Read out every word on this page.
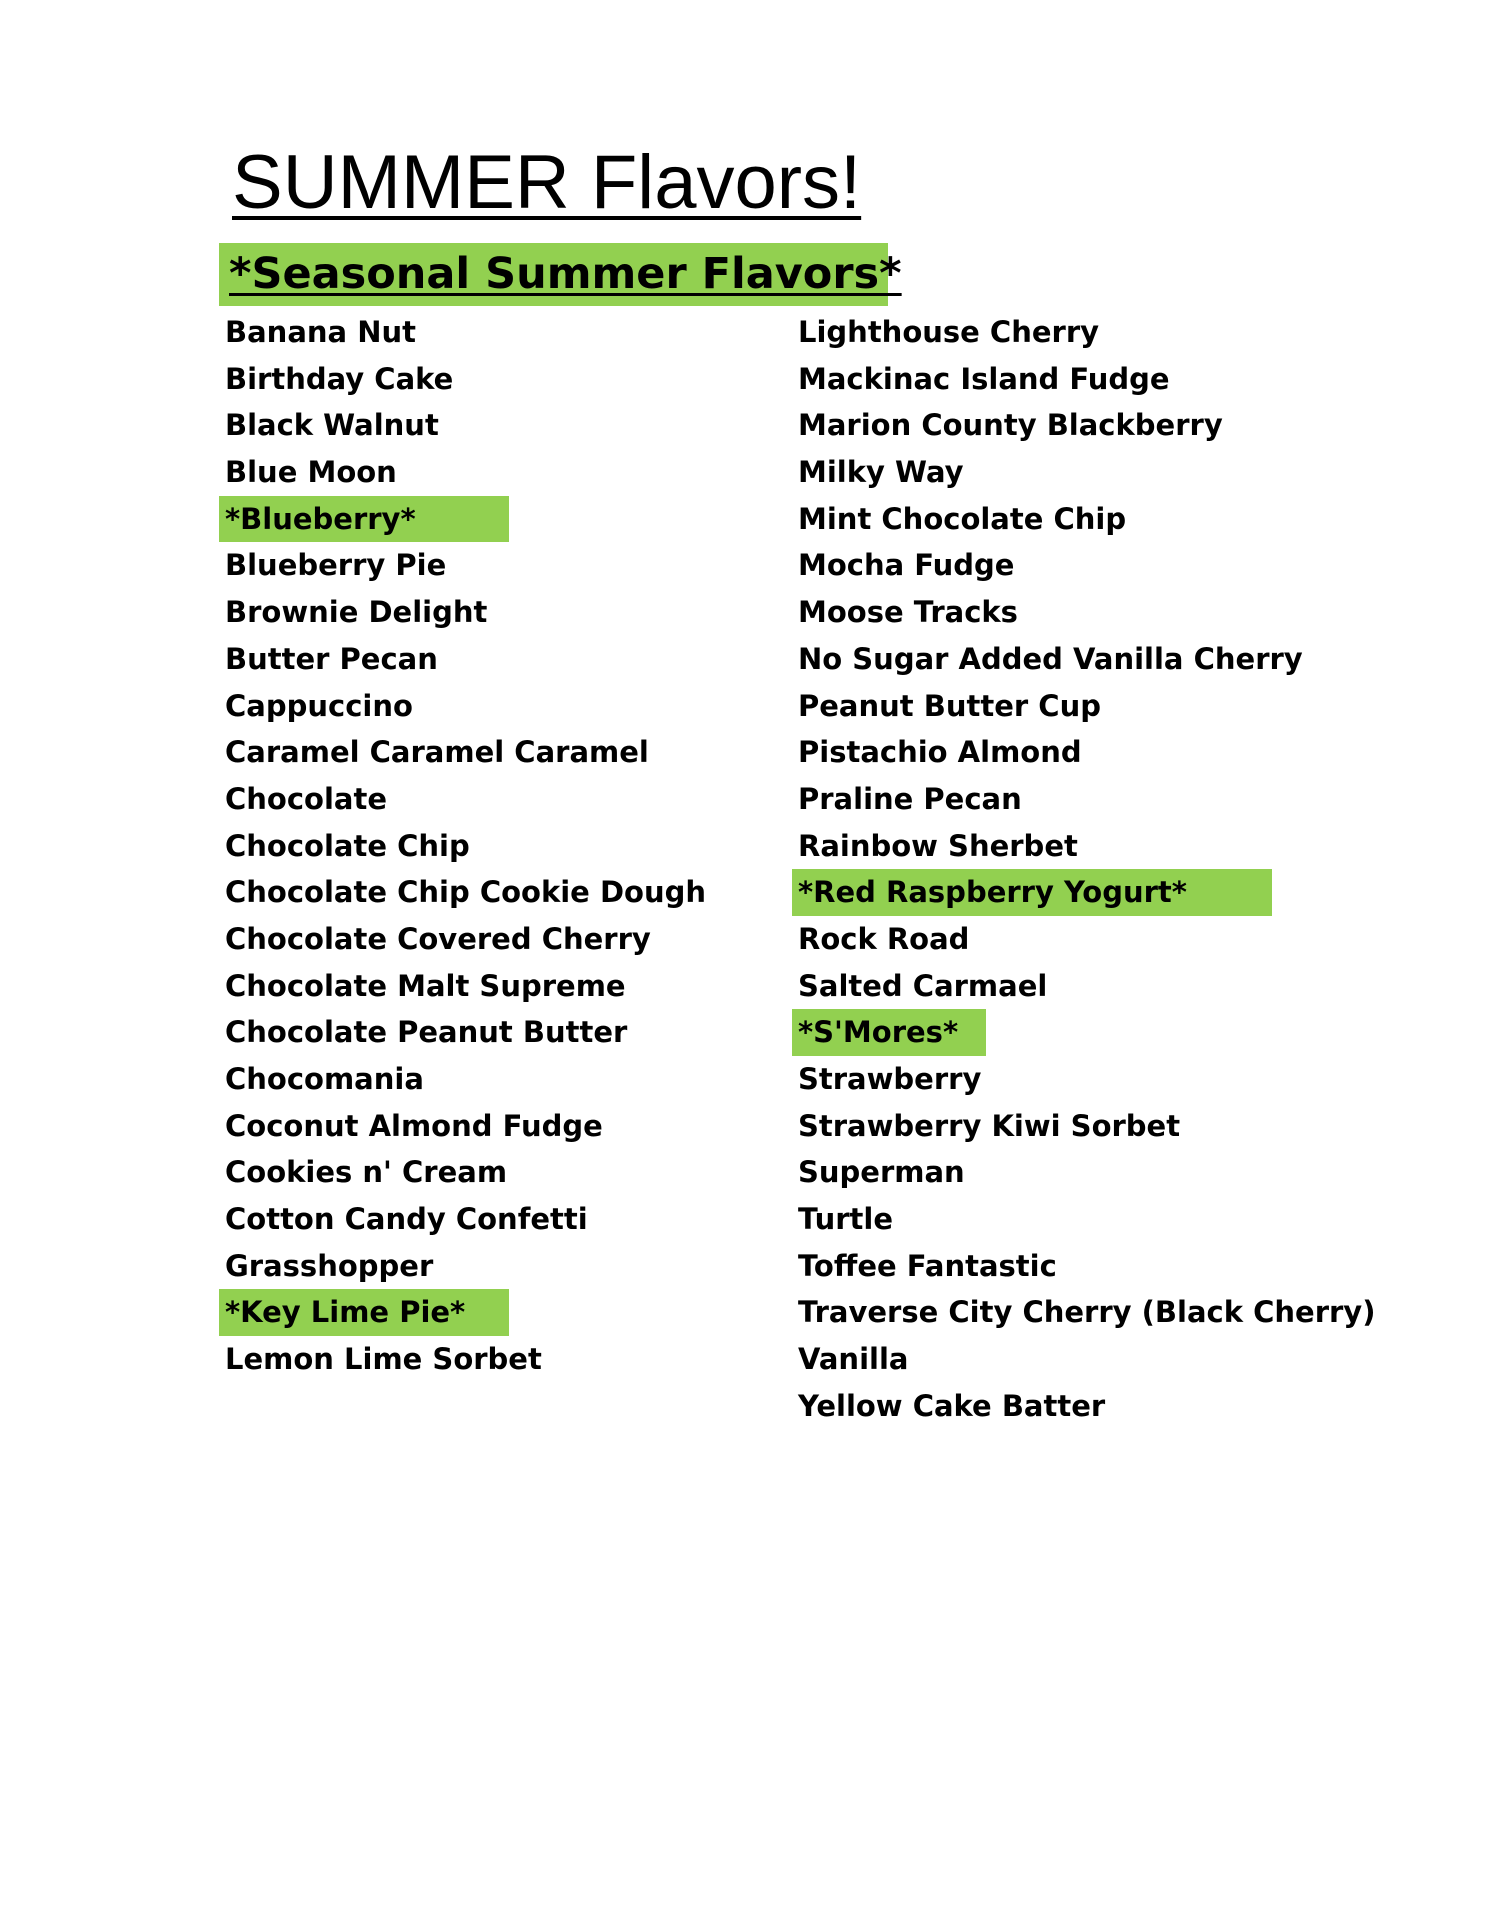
SUMMER Flavors!
*Seasonal Summer Flavors*
Banana Nut
Birthday Cake
Black Walnut
Blue Moon
*Blueberry*
Blueberry Pie
Brownie Delight
Butter Pecan
Cappuccino
Caramel Caramel Caramel
Chocolate
Chocolate Chip
Chocolate Chip Cookie Dough
Chocolate Covered Cherry
Chocolate Malt Supreme
Chocolate Peanut Butter
Chocomania
Coconut Almond Fudge
Cookies n' Cream
Cotton Candy Confetti
Grasshopper
*Key Lime Pie*
Lemon Lime Sorbet
Lighthouse Cherry
Mackinac Island Fudge
Marion County Blackberry
Milky Way
Mint Chocolate Chip
Mocha Fudge
Moose Tracks
No Sugar Added Vanilla Cherry
Peanut Butter Cup
Pistachio Almond
Praline Pecan
Rainbow Sherbet
*Red Raspberry Yogurt*
Rock Road
Salted Carmael
*S'Mores*
Strawberry
Strawberry Kiwi Sorbet
Superman
Turtle
Toffee Fantastic
Traverse City Cherry (Black Cherry)
Vanilla
Yellow Cake Batter
